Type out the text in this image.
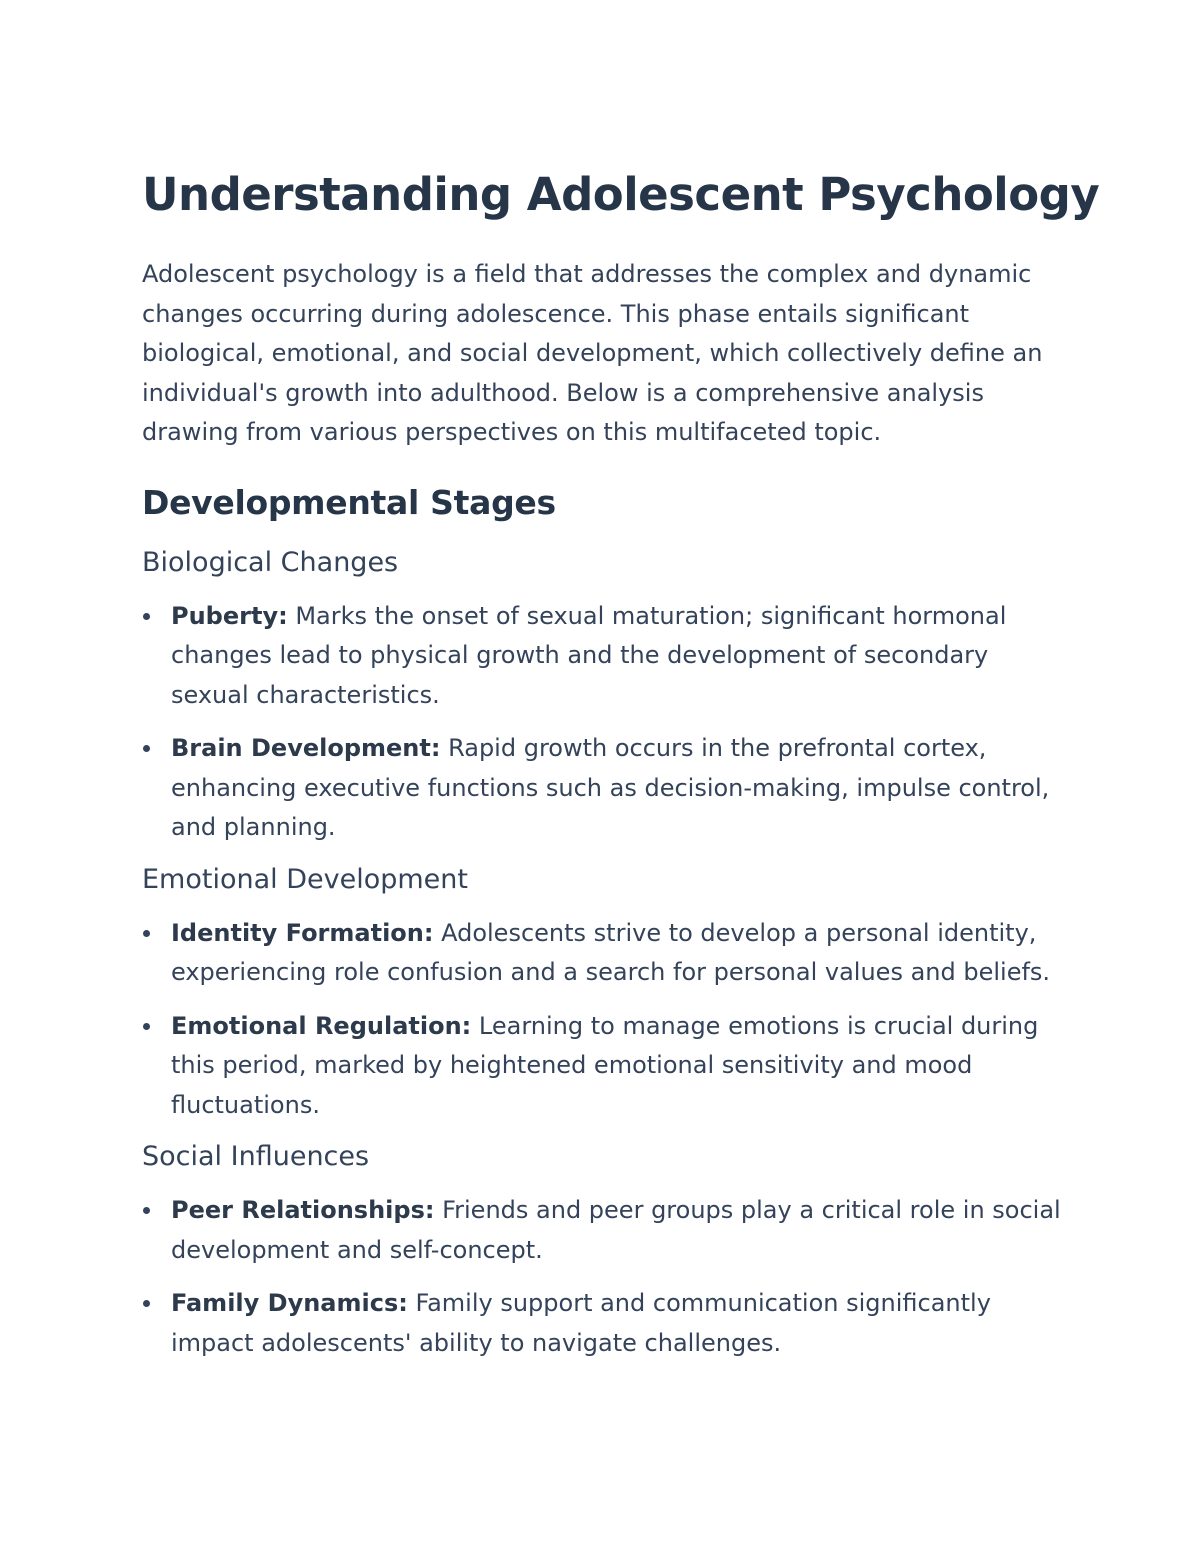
Understanding Adolescent Psychology

Adolescent psychology is a field that addresses the complex and dynamic changes occurring during adolescence. This phase entails significant biological, emotional, and social development, which collectively define an individual's growth into adulthood. Below is a comprehensive analysis drawing from various perspectives on this multifaceted topic.

Developmental Stages
Biological Changes
Puberty: Marks the onset of sexual maturation; significant hormonal changes lead to physical growth and the development of secondary sexual characteristics.
Brain Development: Rapid growth occurs in the prefrontal cortex, enhancing executive functions such as decision-making, impulse control, and planning.
Emotional Development
Identity Formation: Adolescents strive to develop a personal identity, experiencing role confusion and a search for personal values and beliefs.
Emotional Regulation: Learning to manage emotions is crucial during this period, marked by heightened emotional sensitivity and mood fluctuations.
Social Influences
Peer Relationships: Friends and peer groups play a critical role in social development and self-concept.
Family Dynamics: Family support and communication significantly impact adolescents' ability to navigate challenges.
